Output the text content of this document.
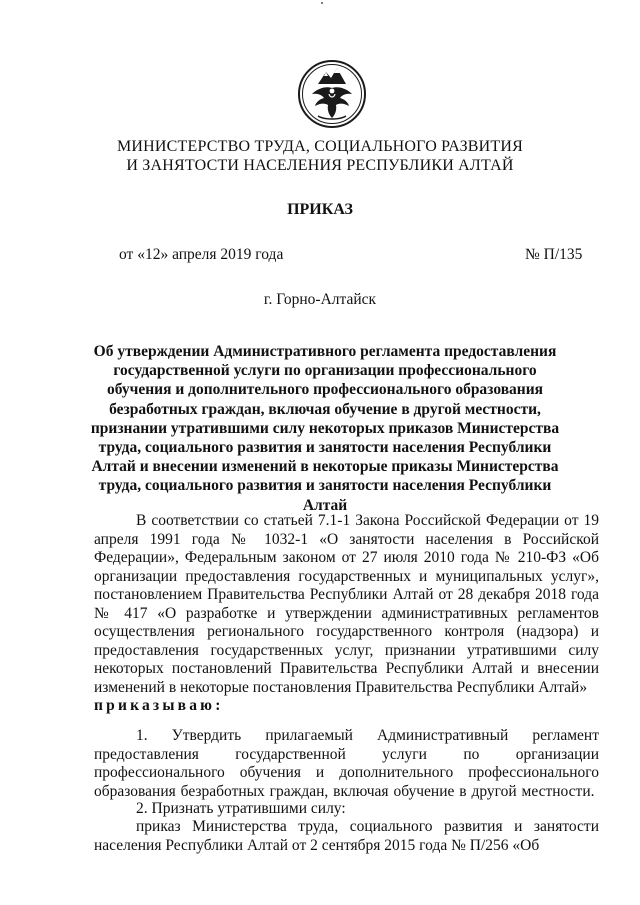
МИНИСТЕРСТВО ТРУДА, СОЦИАЛЬНОГО РАЗВИТИЯ
И ЗАНЯТОСТИ НАСЕЛЕНИЯ РЕСПУБЛИКИ АЛТАЙ
ПРИКАЗ
от «12» апреля 2019 года	№ П/135
г. Горно-Алтайск
Об утверждении Административного регламента предоставления государственной услуги по организации профессионального обучения и дополнительного профессионального образования безработных граждан, включая обучение в другой местности, признании утратившими силу некоторых приказов Министерства труда, социального развития и занятости населения Республики Алтай и внесении изменений в некоторые приказы Министерства труда, социального развития и занятости населения Республики Алтай
В соответствии со статьей 7.1-1 Закона Российской Федерации от 19 апреля 1991 года № 1032-1 «О занятости населения в Российской Федерации», Федеральным законом от 27 июля 2010 года № 210-ФЗ «Об организации предоставления государственных и муниципальных услуг», постановлением Правительства Республики Алтай от 28 декабря 2018 года № 417 «О разработке и утверждении административных регламентов осуществления регионального государственного контроля (надзора) и предоставления государственных услуг, признании утратившими силу некоторых постановлений Правительства Республики Алтай и внесении изменений в некоторые постановления Правительства Республики Алтай»
приказываю:
1. Утвердить прилагаемый Административный регламент предоставления государственной услуги по организации профессионального обучения и дополнительного профессионального образования безработных граждан, включая обучение в другой местности.
2. Признать утратившими силу:
приказ Министерства труда, социального развития и занятости населения Республики Алтай от 2 сентября 2015 года № П/256 «Об
